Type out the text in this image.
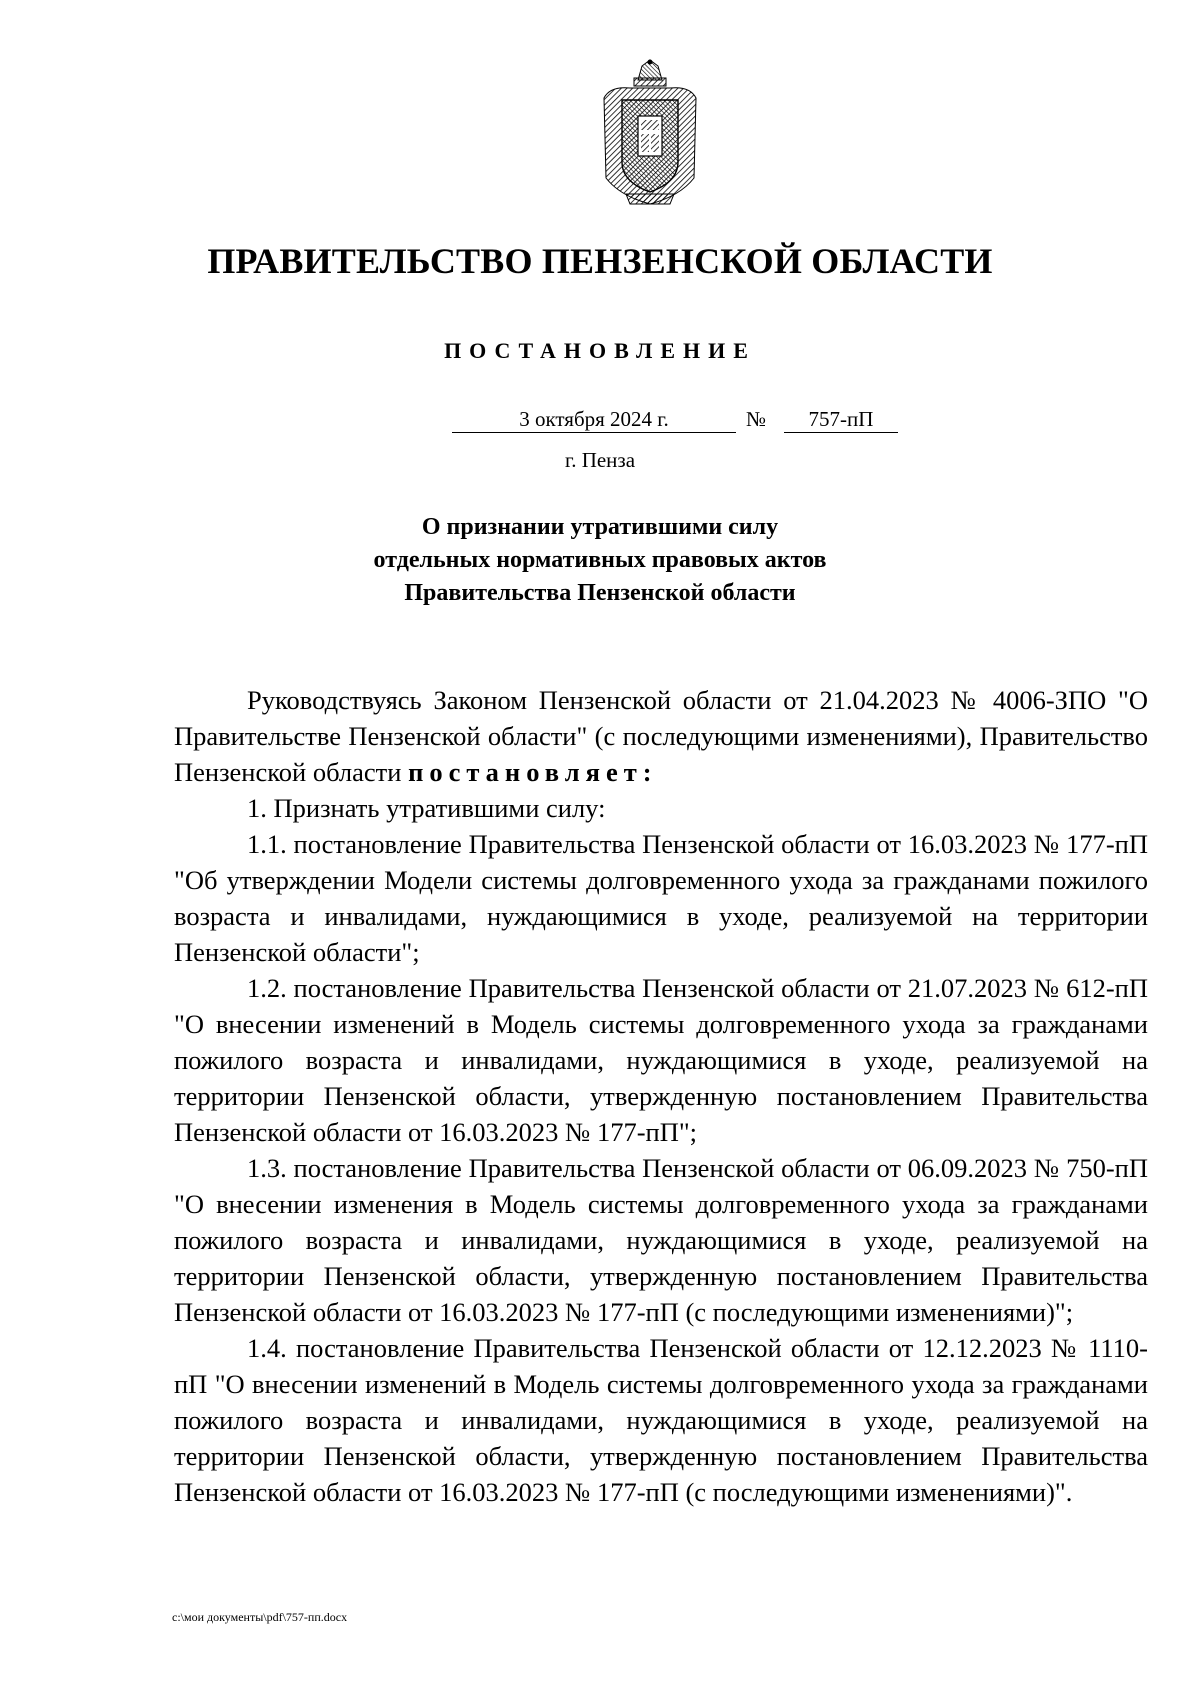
ПРАВИТЕЛЬСТВО ПЕНЗЕНСКОЙ ОБЛАСТИ
ПОСТАНОВЛЕНИЕ
3 октября 2024 г.	№	757-пП
г. Пенза
О признании утратившими силу
отдельных нормативных правовых актов
Правительства Пензенской области

Руководствуясь Законом Пензенской области от 21.04.2023 № 4006-ЗПО "О Правительстве Пензенской области" (с последующими изменениями), Правительство Пензенской области постановляет:

1. Признать утратившими силу:

1.1. постановление Правительства Пензенской области от 16.03.2023 № 177-пП "Об утверждении Модели системы долговременного ухода за гражданами пожилого возраста и инвалидами, нуждающимися в уходе, реализуемой на территории Пензенской области";

1.2. постановление Правительства Пензенской области от 21.07.2023 № 612-пП "О внесении изменений в Модель системы долговременного ухода за гражданами пожилого возраста и инвалидами, нуждающимися в уходе, реализуемой на территории Пензенской области, утвержденную постановлением Правительства Пензенской области от 16.03.2023 № 177-пП";

1.3. постановление Правительства Пензенской области от 06.09.2023 № 750-пП "О внесении изменения в Модель системы долговременного ухода за гражданами пожилого возраста и инвалидами, нуждающимися в уходе, реализуемой на территории Пензенской области, утвержденную постановлением Правительства Пензенской области от 16.03.2023 № 177-пП (с последующими изменениями)";

1.4. постановление Правительства Пензенской области от 12.12.2023 № 1110-пП "О внесении изменений в Модель системы долговременного ухода за гражданами пожилого возраста и инвалидами, нуждающимися в уходе, реализуемой на территории Пензенской области, утвержденную постановлением Правительства Пензенской области от 16.03.2023 № 177-пП (с последующими изменениями)".

c:\мои документы\pdf\757-пп.docx
